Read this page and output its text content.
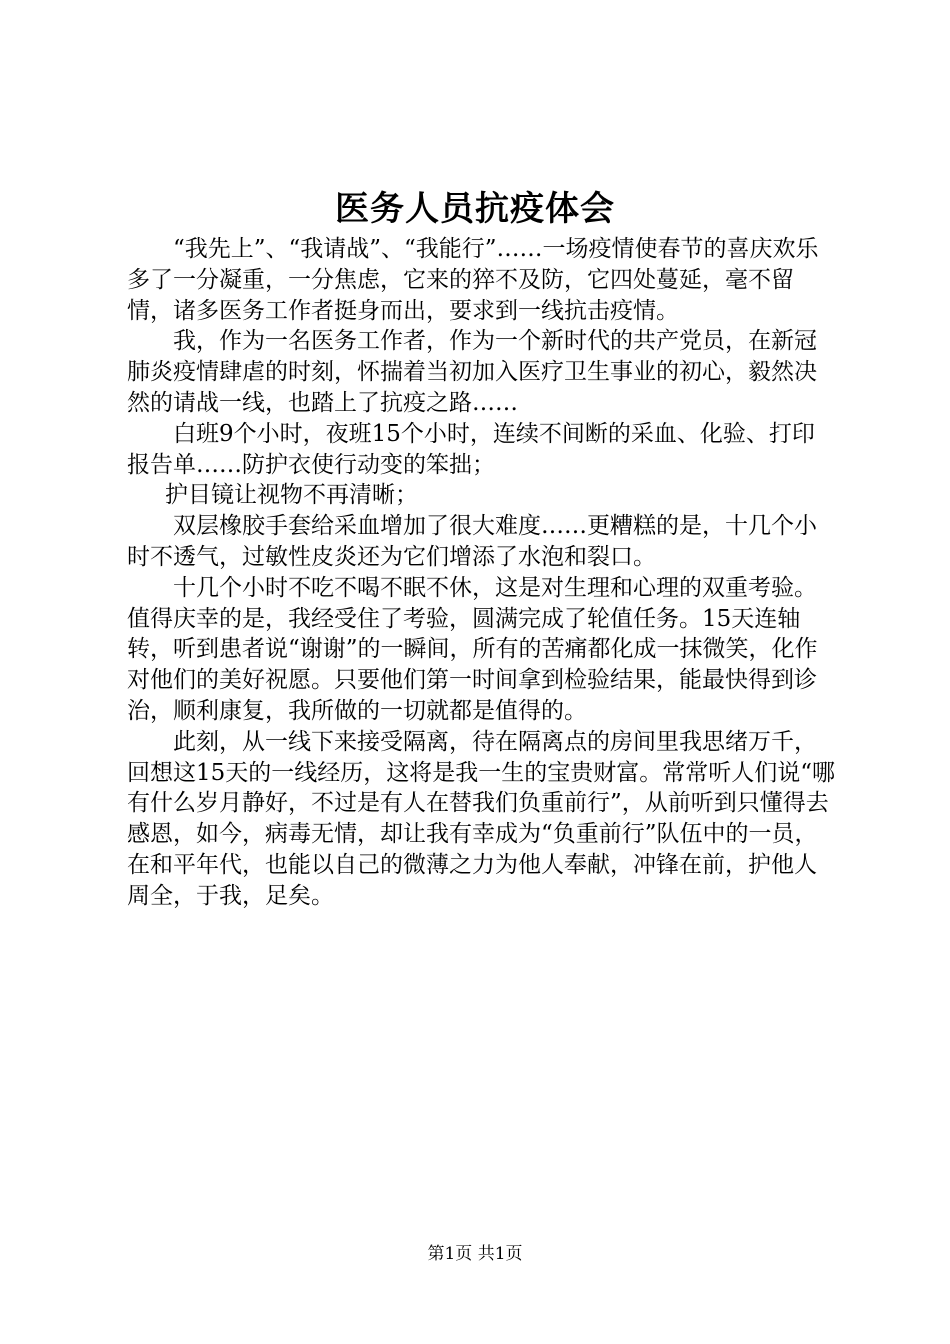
医务人员抗疫体会

“我先上”、“我请战”、“我能行”……一场疫情使春节的喜庆欢乐多了一分凝重，一分焦虑，它来的猝不及防，它四处蔓延，毫不留情，诸多医务工作者挺身而出，要求到一线抗击疫情。

我，作为一名医务工作者，作为一个新时代的共产党员，在新冠肺炎疫情肆虐的时刻，怀揣着当初加入医疗卫生事业的初心，毅然决然的请战一线，也踏上了抗疫之路……

白班9个小时，夜班15个小时，连续不间断的采血、化验、打印报告单……防护衣使行动变的笨拙；

护目镜让视物不再清晰；

双层橡胶手套给采血增加了很大难度……更糟糕的是，十几个小时不透气，过敏性皮炎还为它们增添了水泡和裂口。

十几个小时不吃不喝不眠不休，这是对生理和心理的双重考验。值得庆幸的是，我经受住了考验，圆满完成了轮值任务。15天连轴转，听到患者说“谢谢”的一瞬间，所有的苦痛都化成一抹微笑，化作对他们的美好祝愿。只要他们第一时间拿到检验结果，能最快得到诊治，顺利康复，我所做的一切就都是值得的。

此刻，从一线下来接受隔离，待在隔离点的房间里我思绪万千，回想这15天的一线经历，这将是我一生的宝贵财富。常常听人们说“哪有什么岁月静好，不过是有人在替我们负重前行”，从前听到只懂得去感恩，如今，病毒无情，却让我有幸成为“负重前行”队伍中的一员，在和平年代，也能以自己的微薄之力为他人奉献，冲锋在前，护他人周全，于我，足矣。

第1页 共1页
